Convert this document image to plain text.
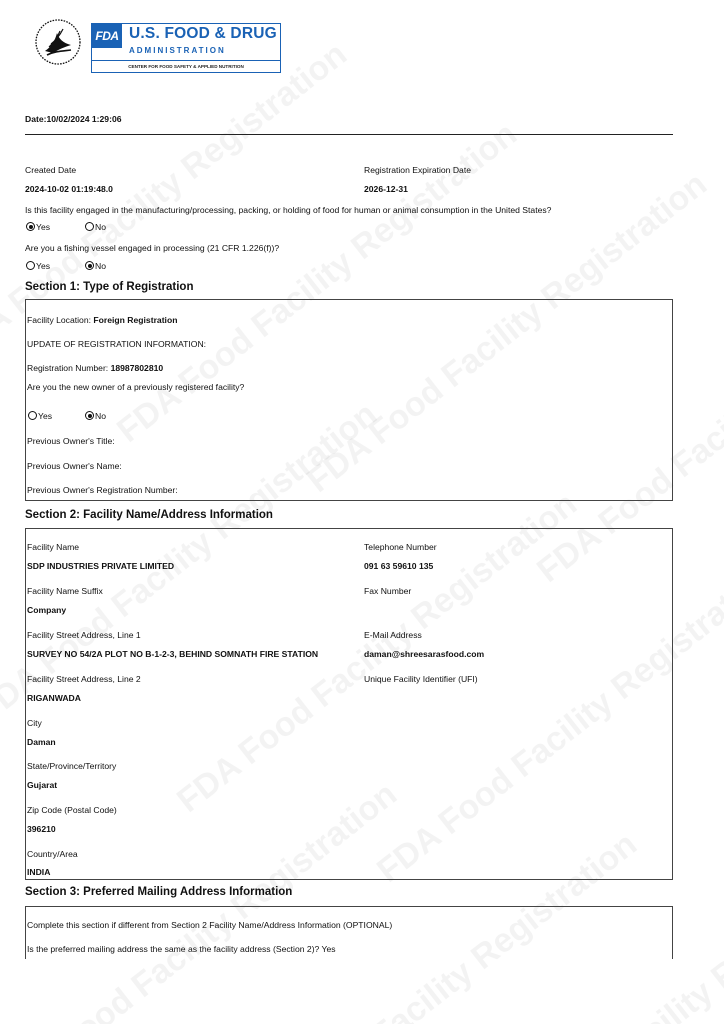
FDA U.S. FOOD & DRUG
ADMINISTRATION
CENTER FOR FOOD SAFETY & APPLIED NUTRITION
Date:10/02/2024 1:29:06
Created Date
2024-10-02 01:19:48.0
Registration Expiration Date
2026-12-31
Is this facility engaged in the manufacturing/processing, packing, or holding of food for human or animal consumption in the United States?
Yes	No
Are you a fishing vessel engaged in processing (21 CFR 1.226(f))?
Yes	No
Section 1: Type of Registration
Facility Location: Foreign Registration
UPDATE OF REGISTRATION INFORMATION:
Registration Number: 18987802810
Are you the new owner of a previously registered facility?
Yes	No
Previous Owner's Title:
Previous Owner's Name:
Previous Owner's Registration Number:
Section 2: Facility Name/Address Information
Facility Name
SDP INDUSTRIES PRIVATE LIMITED
Telephone Number
091 63 59610 135
Facility Name Suffix
Company
Fax Number
Facility Street Address, Line 1
SURVEY NO 54/2A PLOT NO B-1-2-3, BEHIND SOMNATH FIRE STATION
E-Mail Address
daman@shreesarasfood.com
Facility Street Address, Line 2
RIGANWADA
Unique Facility Identifier (UFI)
City
Daman
State/Province/Territory
Gujarat
Zip Code (Postal Code)
396210
Country/Area
INDIA
Section 3: Preferred Mailing Address Information
Complete this section if different from Section 2 Facility Name/Address Information (OPTIONAL)
Is the preferred mailing address the same as the facility address (Section 2)? Yes
